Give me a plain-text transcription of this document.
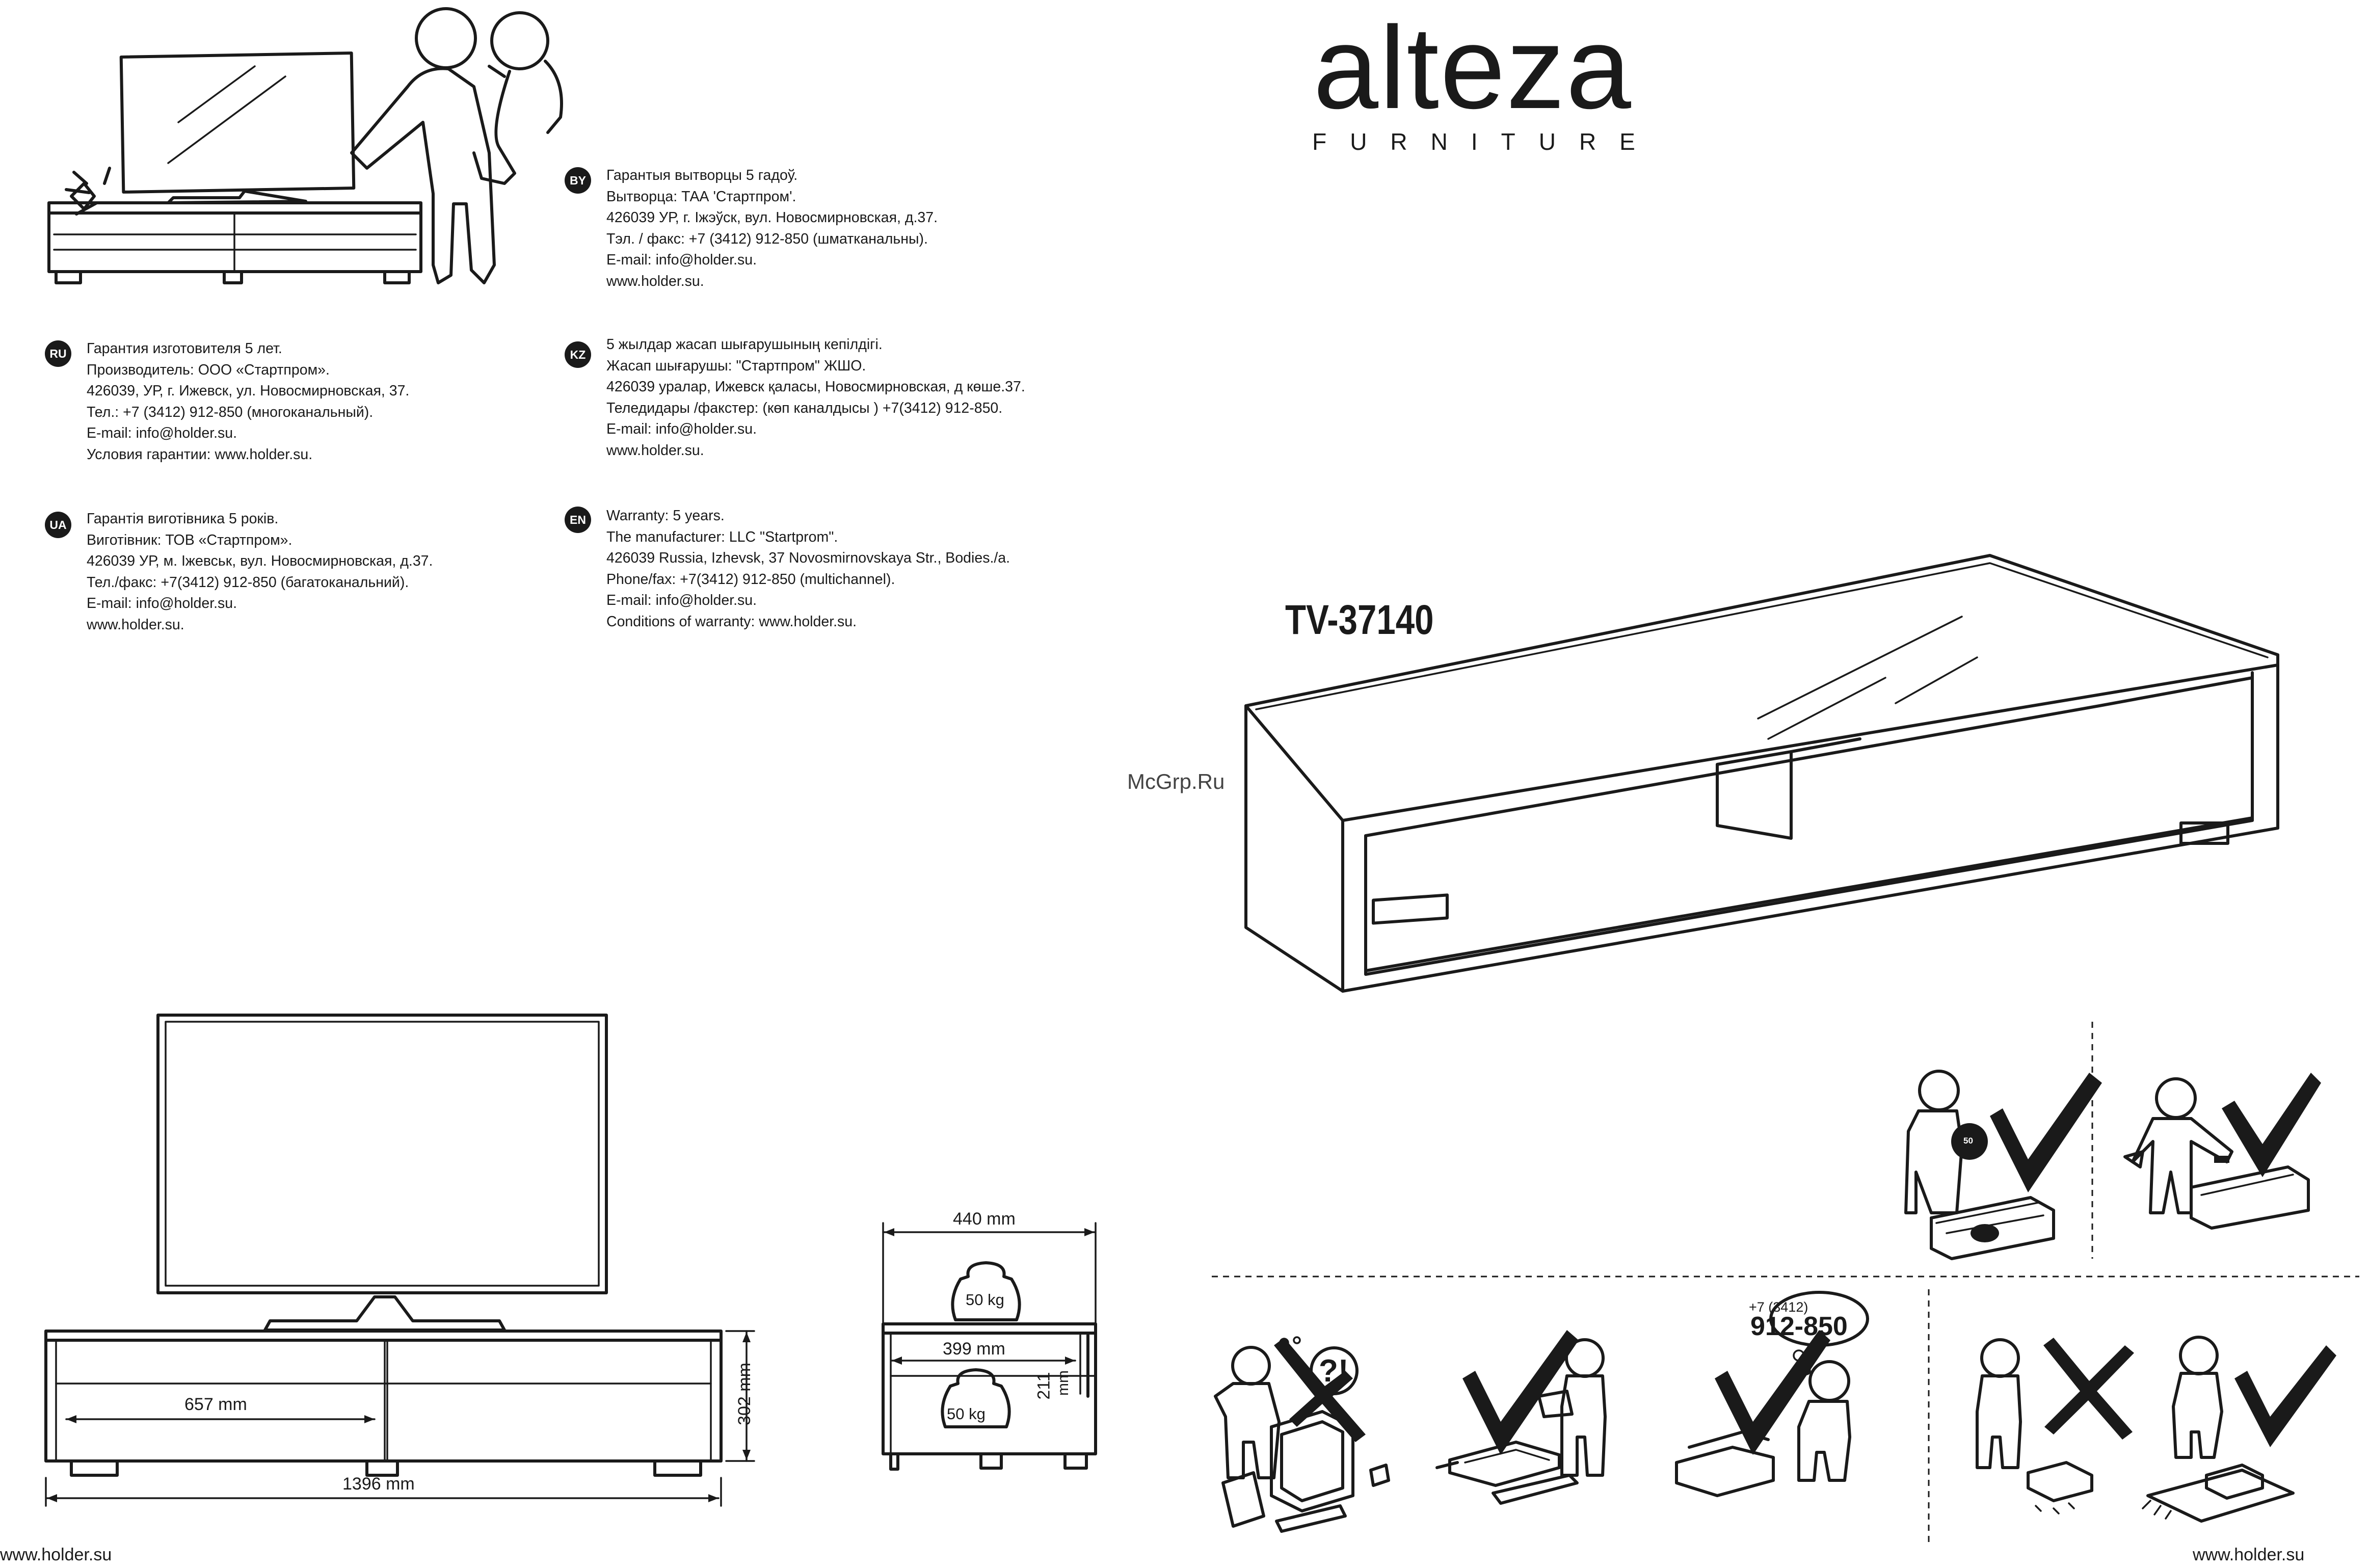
alteza
FURNITURE
TV-37140
McGrp.Ru
BY	Гарантыя вытворцы 5 гадоў.
Вытворца: ТАА 'Стартпром'.
426039 УР, г. Іжэўск, вул. Новосмирновская, д.37.
Тэл. / факс: +7 (3412) 912-850 (шматканальны).
E-mail: info@holder.su.
www.holder.su.
RU	Гарантия изготовителя 5 лет.
Производитель: ООО «Стартпром».
426039, УР, г. Ижевск, ул. Новосмирновская, 37.
Тел.: +7 (3412) 912-850 (многоканальный).
E-mail: info@holder.su.
Условия гарантии: www.holder.su.
KZ
5 жылдар жасап шығарушының кепілдігі.
Жасап шығарушы: "Стартпром" ЖШО.
426039 уралар, Ижевск қаласы, Новосмирновская, д көше.37.
Теледидары /факстер: (көп каналдысы ) +7(3412) 912-850.
E-mail: info@holder.su.
www.holder.su.
UA	Гарантія виготівника 5 років.
Виготівник: ТОВ «Стартпром».
426039 УР, м. Іжевськ, вул. Новосмирновская, д.37.
Тел./факс: +7(3412) 912-850 (багатоканальний).
E-mail: info@holder.su.
www.holder.su.
EN	Warranty: 5 years.
The manufacturer: LLC "Startprom".
426039 Russia, Izhevsk, 37 Novosmirnovskaya Str., Bodies./a.
Phone/fax: +7(3412) 912-850 (multichannel).
E-mail: info@holder.su.
Conditions of warranty: www.holder.su.
657 mm
1396 mm
302 mm
440 mm
399 mm
211 mm
50 kg
50 kg
50
+7 (3412)
912-850
?!
www.holder.su	www.holder.su
